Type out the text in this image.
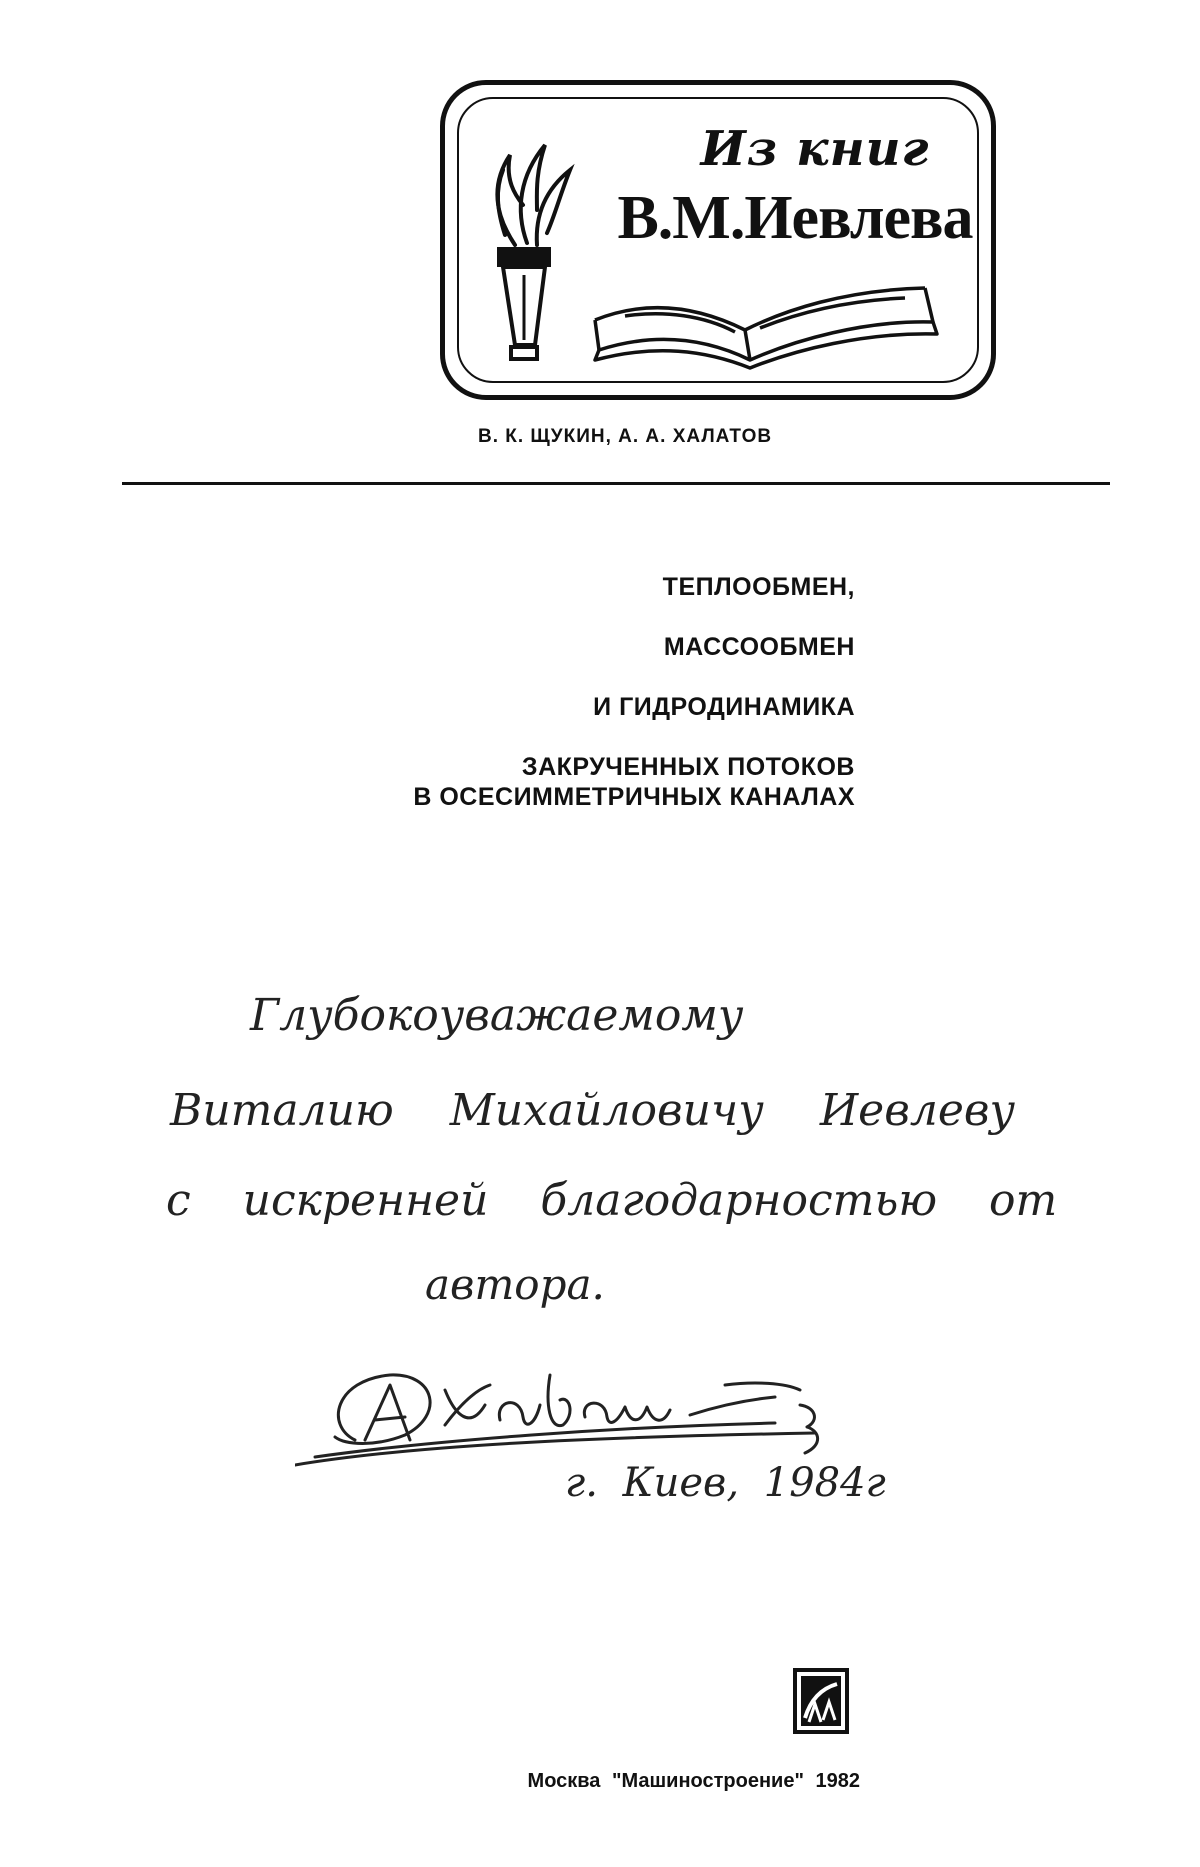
Из книг
В.М.Иевлева
В. К. ЩУКИН, А. А. ХАЛАТОВ
ТЕПЛООБМЕН,
МАССООБМЕН
И ГИДРОДИНАМИКА
ЗАКРУЧЕННЫХ ПОТОКОВ
В ОСЕСИММЕТРИЧНЫХ КАНАЛАХ
Глубокоуважаемому
Виталию Михайловичу Иевлеву
с искренней благодарностью от
автора.
г. Киев, 1984г
Москва "Машиностроение" 1982
